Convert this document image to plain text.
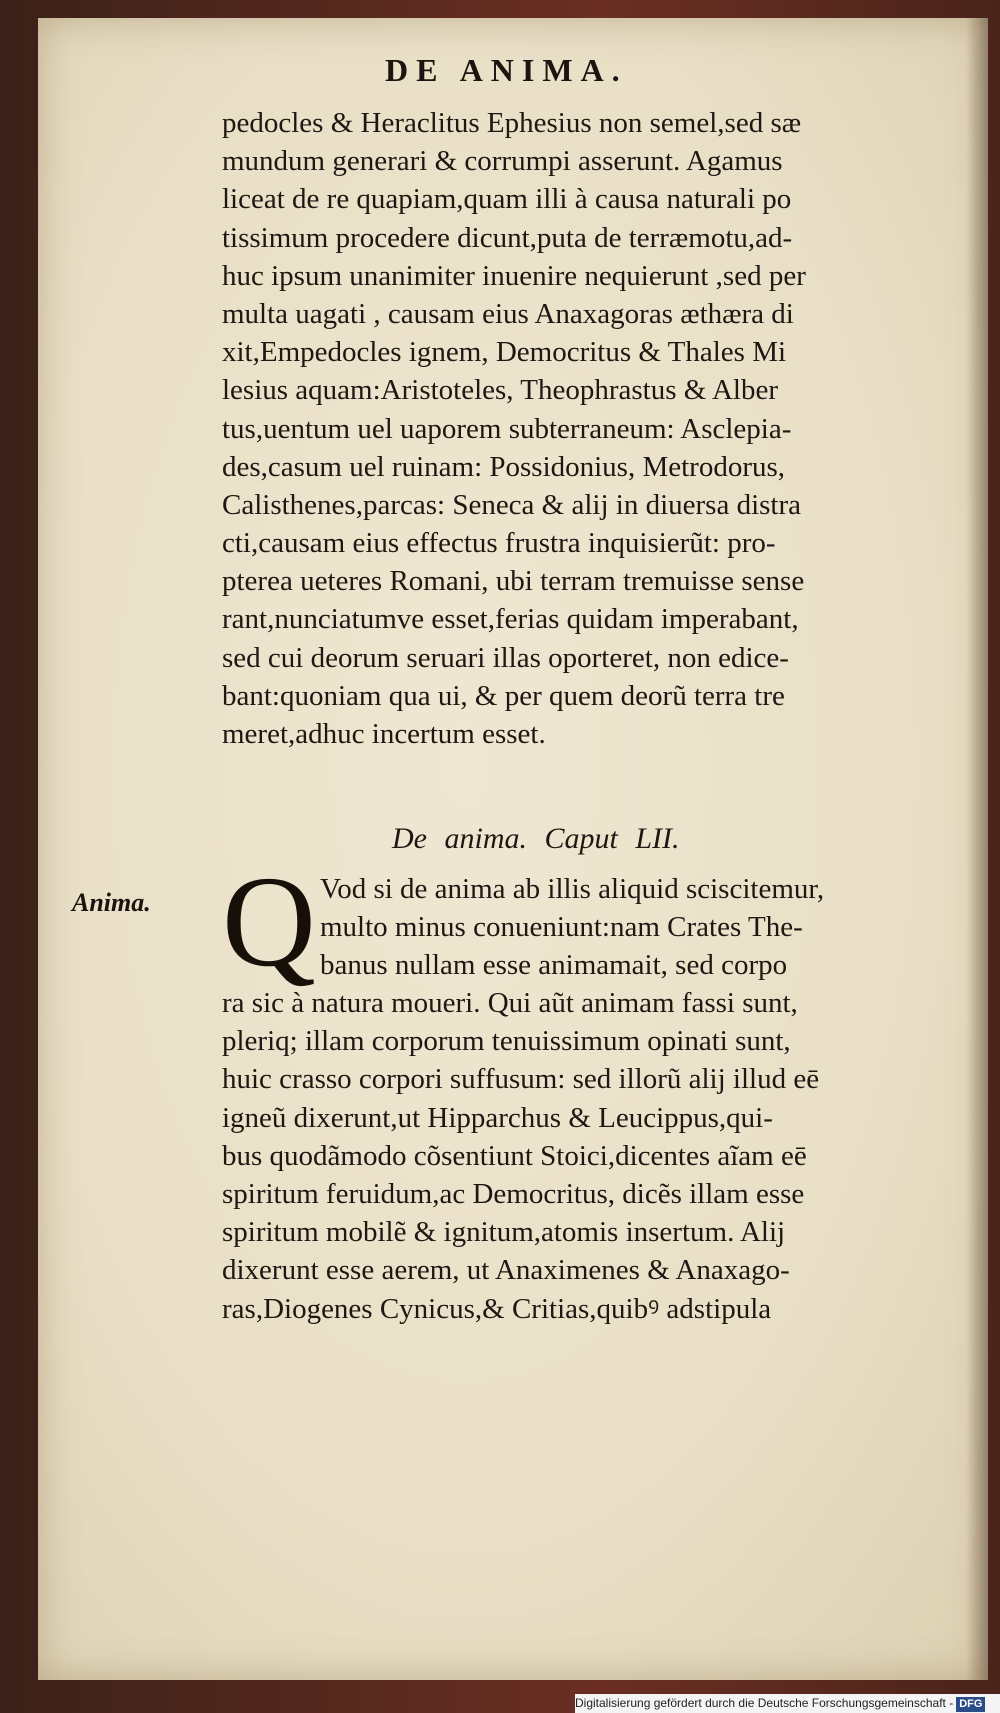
DE ANIMA.
pedocles & Heraclitus Ephesius non semel,sed sæ
mundum generari & corrumpi asserunt. Agamus
liceat de re quapiam,quam illi à causa naturali po
tissimum procedere dicunt,puta de terræmotu,ad-
huc ipsum unanimiter inuenire nequierunt ,sed per
multa uagati , causam eius Anaxagoras æthæra di
xit,Empedocles ignem, Democritus & Thales Mi
lesius aquam:Aristoteles, Theophrastus & Alber
tus,uentum uel uaporem subterraneum: Asclepia-
des,casum uel ruinam: Possidonius, Metrodorus,
Calisthenes,parcas: Seneca & alij in diuersa distra
cti,causam eius effectus frustra inquisierũt: pro-
pterea ueteres Romani, ubi terram tremuisse sense
rant,nunciatumve esset,ferias quidam imperabant,
sed cui deorum seruari illas oporteret, non edice-
bant:quoniam qua ui, & per quem deorũ terra tre
meret,adhuc incertum esset.
De anima. Caput LII.
Anima. Q Vod si de anima ab illis aliquid sciscitemur,
multo minus conueniunt:nam Crates The-
banus nullam esse animamait, sed corpo
ra sic à natura moueri. Qui aũt animam fassi sunt,
pleriq; illam corporum tenuissimum opinati sunt,
huic crasso corpori suffusum: sed illorũ alij illud eē
igneũ dixerunt,ut Hipparchus & Leucippus,qui-
bus quodãmodo cõsentiunt Stoici,dicentes aĩam eē
spiritum feruidum,ac Democritus, dicẽs illam esse
spiritum mobilẽ & ignitum,atomis insertum. Alij
dixerunt esse aerem, ut Anaximenes & Anaxago-
ras,Diogenes Cynicus,& Critias,quibꝰ adstipula
Digitalisierung gefördert durch die Deutsche Forschungsgemeinschaft - DFG
